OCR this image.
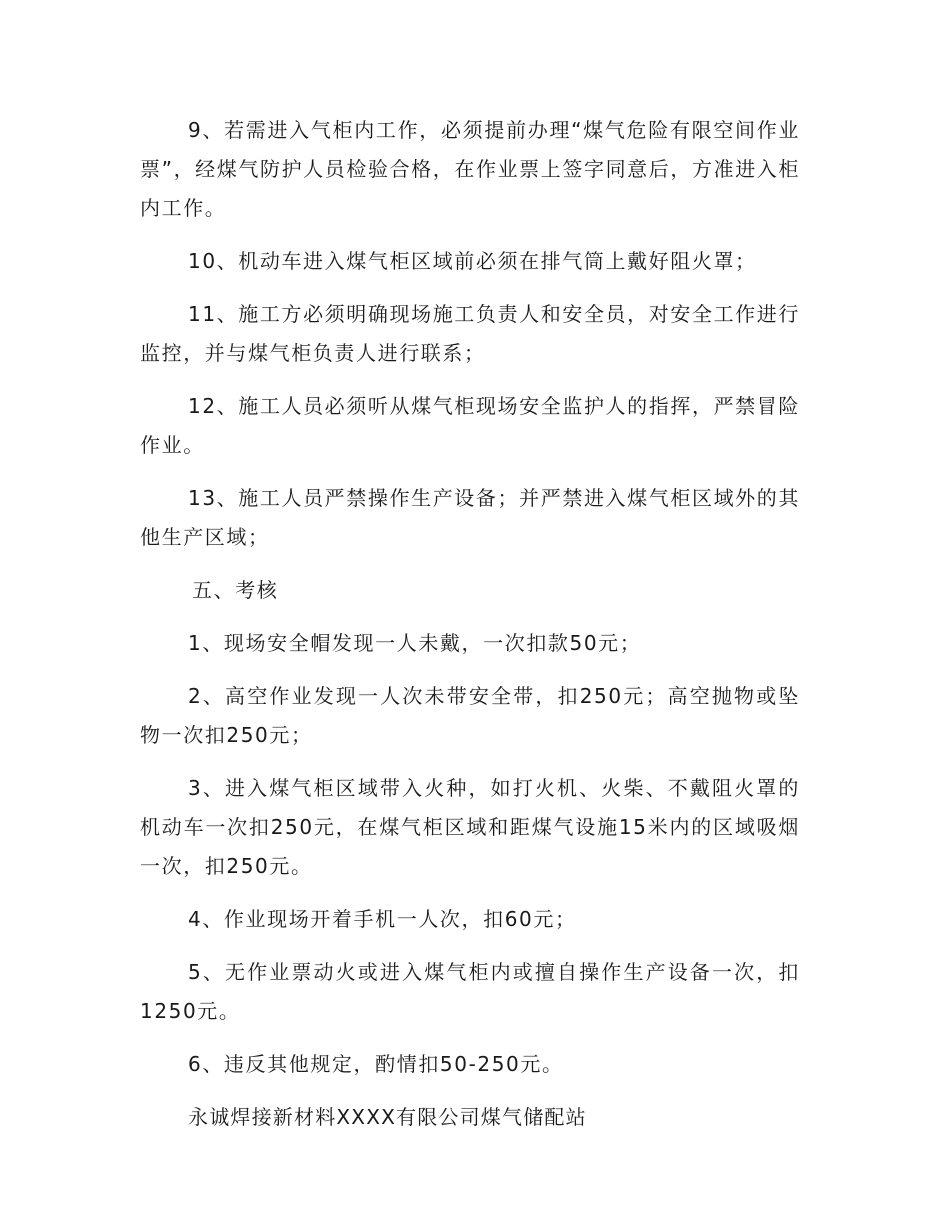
9、若需进入气柜内工作，必须提前办理“煤气危险有限空间作业票”，经煤气防护人员检验合格，在作业票上签字同意后，方准进入柜内工作。

10、机动车进入煤气柜区域前必须在排气筒上戴好阻火罩；

11、施工方必须明确现场施工负责人和安全员，对安全工作进行监控，并与煤气柜负责人进行联系；

12、施工人员必须听从煤气柜现场安全监护人的指挥，严禁冒险作业。

13、施工人员严禁操作生产设备；并严禁进入煤气柜区域外的其他生产区域；

五、考核

1、现场安全帽发现一人未戴，一次扣款50元；

2、高空作业发现一人次未带安全带，扣250元；高空抛物或坠物一次扣250元；

3、进入煤气柜区域带入火种，如打火机、火柴、不戴阻火罩的机动车一次扣250元，在煤气柜区域和距煤气设施15米内的区域吸烟一次，扣250元。

4、作业现场开着手机一人次，扣60元；

5、无作业票动火或进入煤气柜内或擅自操作生产设备一次，扣1250元。

6、违反其他规定，酌情扣50-250元。

永诚焊接新材料XXXX有限公司煤气储配站
